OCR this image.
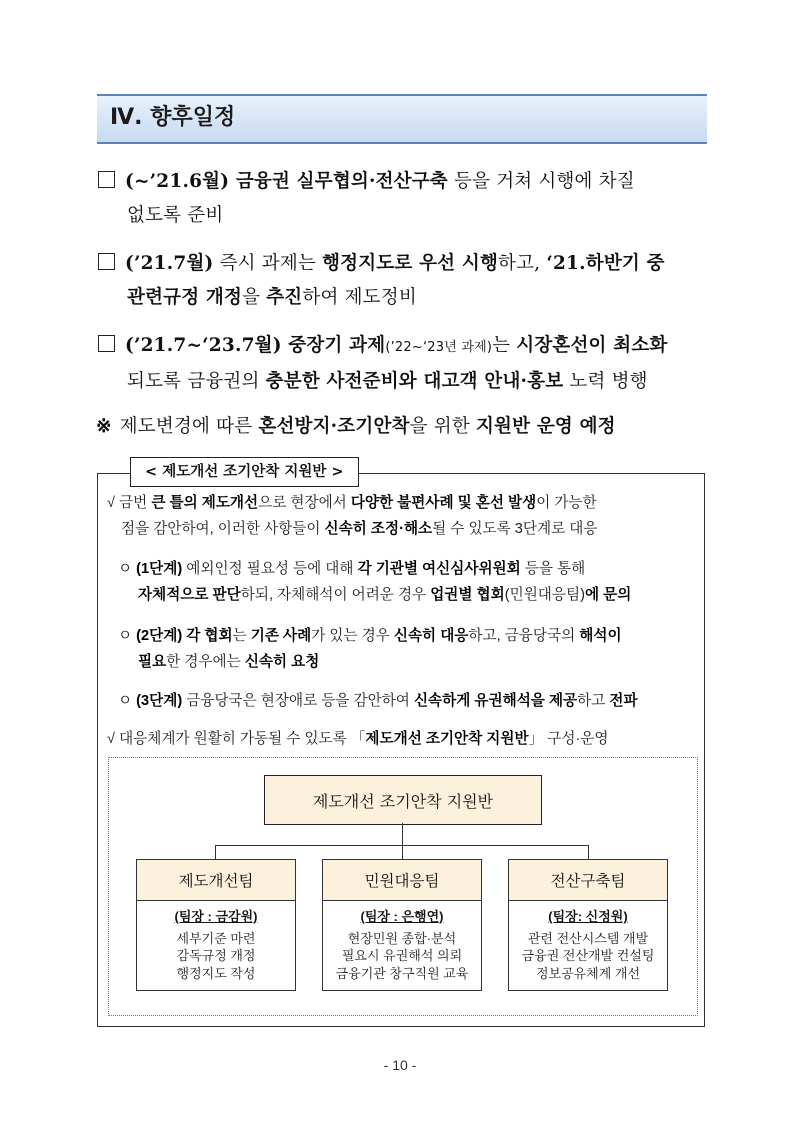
Ⅳ. 향후일정
(~’21.6월) 금융권 실무협의·전산구축 등을 거쳐 시행에 차질
없도록 준비
(’21.7월) 즉시 과제는 행정지도로 우선 시행하고, ‘21.하반기 중
관련규정 개정을 추진하여 제도정비
(’21.7~‘23.7월) 중장기 과제(’22~‘23년 과제)는 시장혼선이 최소화
되도록 금융권의 충분한 사전준비와 대고객 안내·홍보 노력 병행
※ 제도변경에 따른 혼선방지·조기안착을 위한 지원반 운영 예정
< 제도개선 조기안착 지원반 >
√ 금번 큰 틀의 제도개선으로 현장에서 다양한 불편사례 및 혼선 발생이 가능한
점을 감안하여, 이러한 사항들이 신속히 조정·해소될 수 있도록 3단계로 대응
ㅇ (1단계) 예외인정 필요성 등에 대해 각 기관별 여신심사위원회 등을 통해
자체적으로 판단하되, 자체해석이 어려운 경우 업권별 협회(민원대응팀)에 문의
ㅇ (2단계) 각 협회는 기존 사례가 있는 경우 신속히 대응하고, 금융당국의 해석이
필요한 경우에는 신속히 요청
ㅇ (3단계) 금융당국은 현장애로 등을 감안하여 신속하게 유권해석을 제공하고 전파
√ 대응체계가 원활히 가동될 수 있도록 「제도개선 조기안착 지원반」 구성·운영
제도개선 조기안착 지원반
제도개선팀
(팀장 : 금감원)
세부기준 마련
감독규정 개정
행정지도 작성
민원대응팀
(팀장 : 은행연)
현장민원 종합·분석
필요시 유권해석 의뢰
금융기관 창구직원 교육
전산구축팀
(팀장: 신정원)
관련 전산시스템 개발
금융권 전산개발 컨설팅
정보공유체계 개선
- 10 -
